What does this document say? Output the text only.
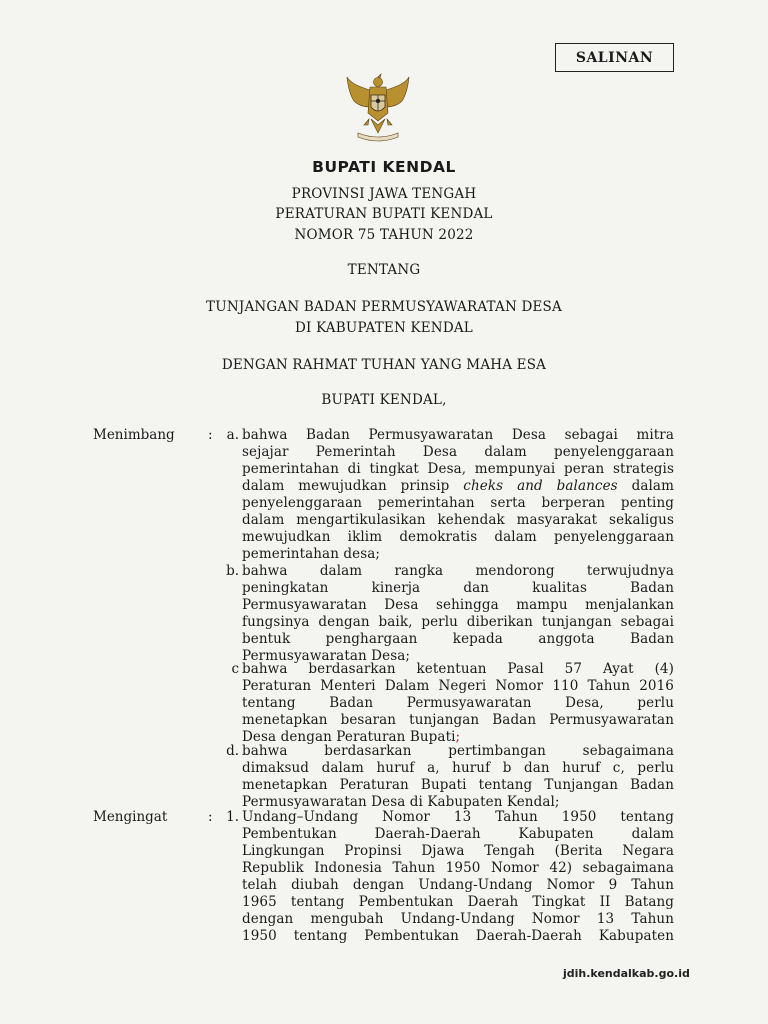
SALINAN
BUPATI KENDAL
PROVINSI JAWA TENGAH
PERATURAN BUPATI KENDAL
NOMOR 75 TAHUN 2022
TENTANG
TUNJANGAN BADAN PERMUSYAWARATAN DESA
DI KABUPATEN KENDAL
DENGAN RAHMAT TUHAN YANG MAHA ESA
BUPATI KENDAL,
Menimbang :	a. bahwa Badan Permusyawaratan Desa sebagai mitra
sejajar Pemerintah Desa dalam penyelenggaraan
pemerintahan di tingkat Desa, mempunyai peran strategis
dalam mewujudkan prinsip cheks and balances dalam
penyelenggaraan pemerintahan serta berperan penting
dalam mengartikulasikan kehendak masyarakat sekaligus
mewujudkan iklim demokratis dalam penyelenggaraan
pemerintahan desa;
b. bahwa dalam rangka mendorong terwujudnya
peningkatan kinerja dan kualitas Badan
Permusyawaratan Desa sehingga mampu menjalankan
fungsinya dengan baik, perlu diberikan tunjangan sebagai
bentuk penghargaan kepada anggota Badan
Permusyawaratan Desa;
c bahwa berdasarkan ketentuan Pasal 57 Ayat (4)
Peraturan Menteri Dalam Negeri Nomor 110 Tahun 2016
tentang Badan Permusyawaratan Desa, perlu
menetapkan besaran tunjangan Badan Permusyawaratan
Desa dengan Peraturan Bupati;
d. bahwa berdasarkan pertimbangan sebagaimana
dimaksud dalam huruf a, huruf b dan huruf c, perlu
menetapkan Peraturan Bupati tentang Tunjangan Badan
Permusyawaratan Desa di Kabupaten Kendal;
Mengingat	:	1. Undang–Undang Nomor 13 Tahun 1950 tentang
Pembentukan Daerah-Daerah Kabupaten dalam
Lingkungan Propinsi Djawa Tengah (Berita Negara
Republik Indonesia Tahun 1950 Nomor 42) sebagaimana
telah diubah dengan Undang-Undang Nomor 9 Tahun
1965 tentang Pembentukan Daerah Tingkat II Batang
dengan mengubah Undang-Undang Nomor 13 Tahun
1950 tentang Pembentukan Daerah-Daerah Kabupaten
jdih.kendalkab.go.id
